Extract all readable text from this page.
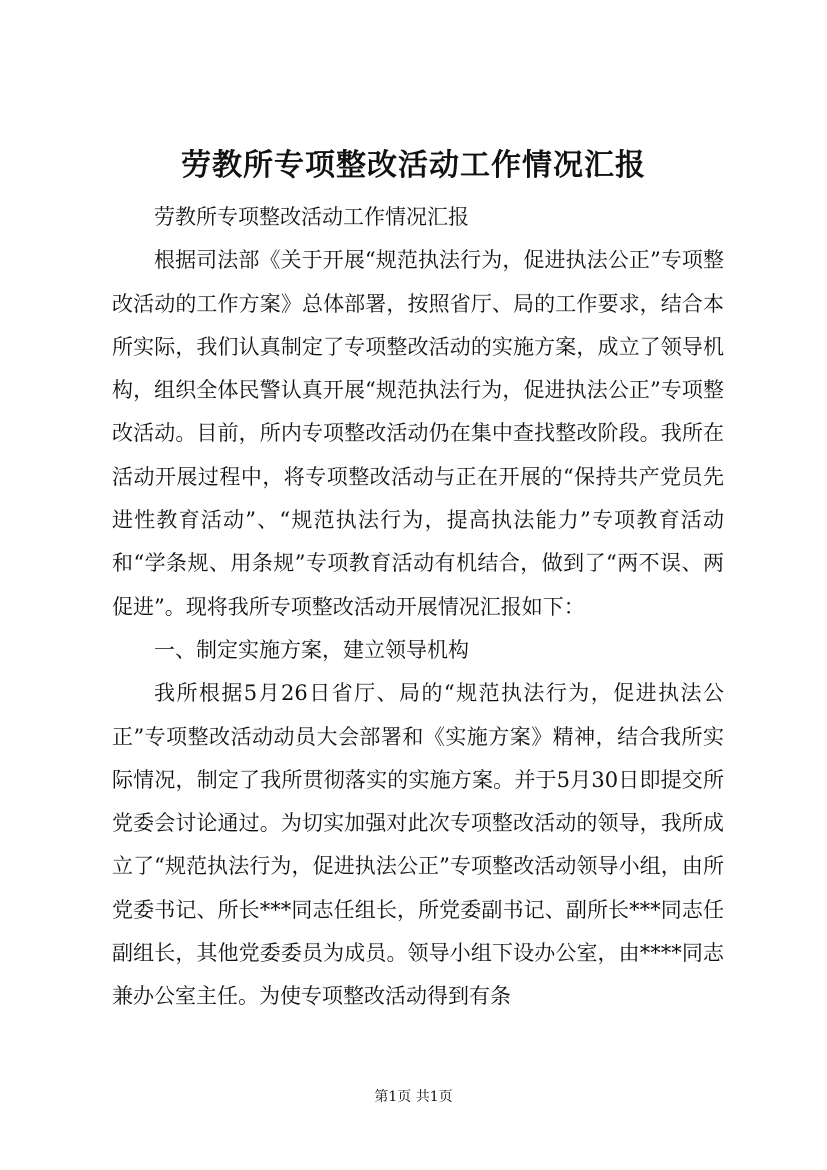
劳教所专项整改活动工作情况汇报

劳教所专项整改活动工作情况汇报

根据司法部《关于开展“规范执法行为，促进执法公正”专项整改活动的工作方案》总体部署，按照省厅、局的工作要求，结合本所实际，我们认真制定了专项整改活动的实施方案，成立了领导机构，组织全体民警认真开展“规范执法行为，促进执法公正”专项整改活动。目前，所内专项整改活动仍在集中查找整改阶段。我所在活动开展过程中，将专项整改活动与正在开展的“保持共产党员先进性教育活动”、“规范执法行为，提高执法能力”专项教育活动和“学条规、用条规”专项教育活动有机结合，做到了“两不误、两促进”。现将我所专项整改活动开展情况汇报如下：

一、制定实施方案，建立领导机构

我所根据5月26日省厅、局的“规范执法行为，促进执法公正”专项整改活动动员大会部署和《实施方案》精神，结合我所实际情况，制定了我所贯彻落实的实施方案。并于5月30日即提交所党委会讨论通过。为切实加强对此次专项整改活动的领导，我所成立了“规范执法行为，促进执法公正”专项整改活动领导小组，由所党委书记、所长***同志任组长，所党委副书记、副所长***同志任副组长，其他党委委员为成员。领导小组下设办公室，由****同志兼办公室主任。为使专项整改活动得到有条

第1页 共1页
